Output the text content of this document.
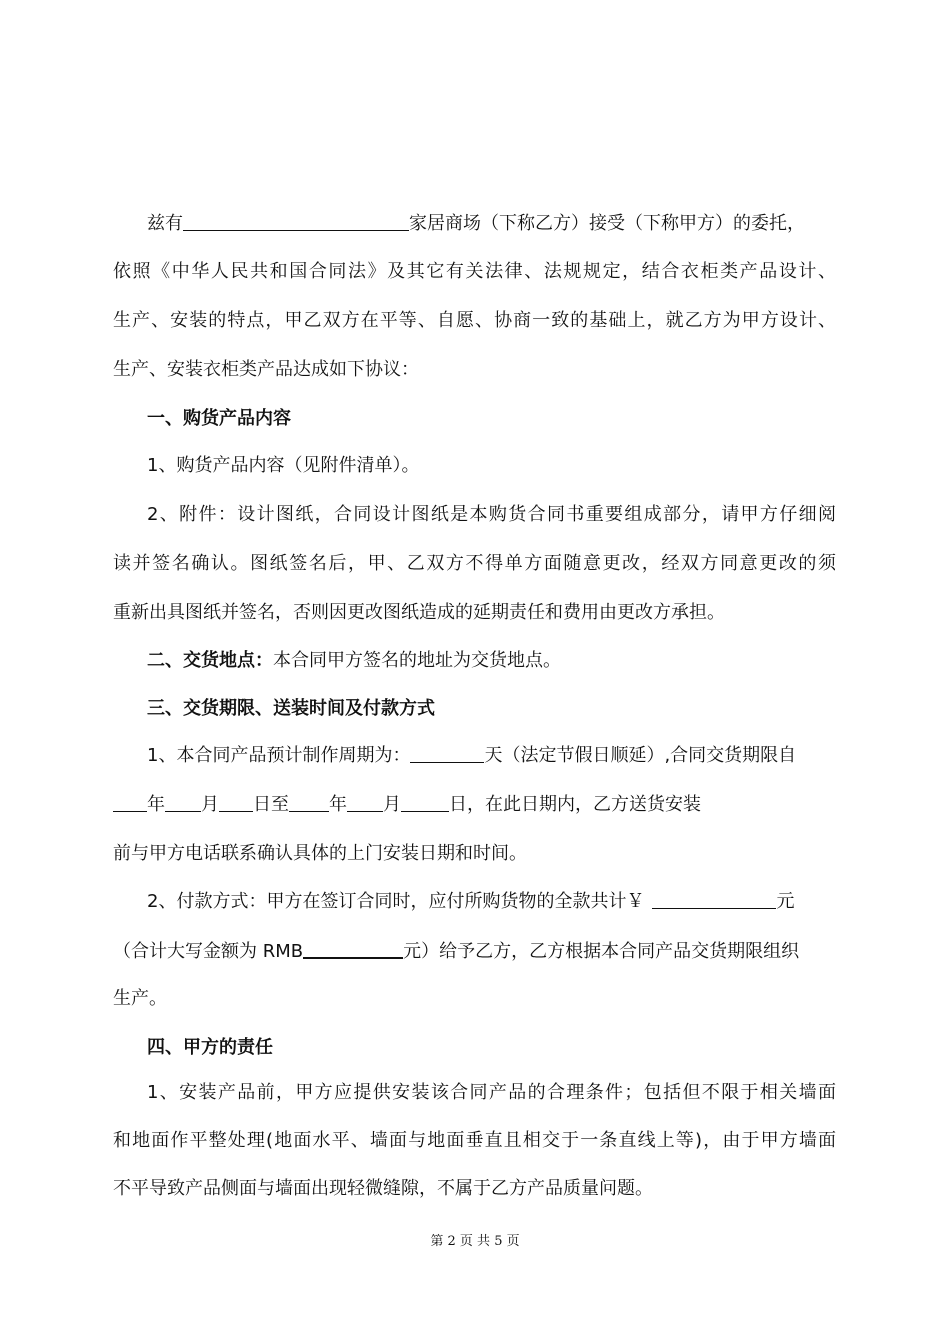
兹有	家居商场（下称乙方）接受（下称甲方）的委托，
依照《中华人民共和国合同法》及其它有关法律、法规规定，结合衣柜类产品设计、
生产、安装的特点，甲乙双方在平等、自愿、协商一致的基础上，就乙方为甲方设计、
生产、安装衣柜类产品达成如下协议：
一、购货产品内容
1、购货产品内容（见附件清单）。
2、附件：设计图纸，合同设计图纸是本购货合同书重要组成部分，请甲方仔细阅
读并签名确认。图纸签名后，甲、乙双方不得单方面随意更改，经双方同意更改的须
重新出具图纸并签名，否则因更改图纸造成的延期责任和费用由更改方承担。
二、交货地点：本合同甲方签名的地址为交货地点。
三、交货期限、送装时间及付款方式
1、本合同产品预计制作周期为：	天（法定节假日顺延）,合同交货期限自
年 月 日至 年 月	日，在此日期内，乙方送货安装
前与甲方电话联系确认具体的上门安装日期和时间。
2、付款方式：甲方在签订合同时，应付所购货物的全款共计￥	元
（合计大写金额为 RMB	元）给予乙方，乙方根据本合同产品交货期限组织
生产。
四、甲方的责任
1、安装产品前，甲方应提供安装该合同产品的合理条件；包括但不限于相关墙面
和地面作平整处理(地面水平、墙面与地面垂直且相交于一条直线上等)，由于甲方墙面
不平导致产品侧面与墙面出现轻微缝隙，不属于乙方产品质量问题。
第 2 页 共 5 页
